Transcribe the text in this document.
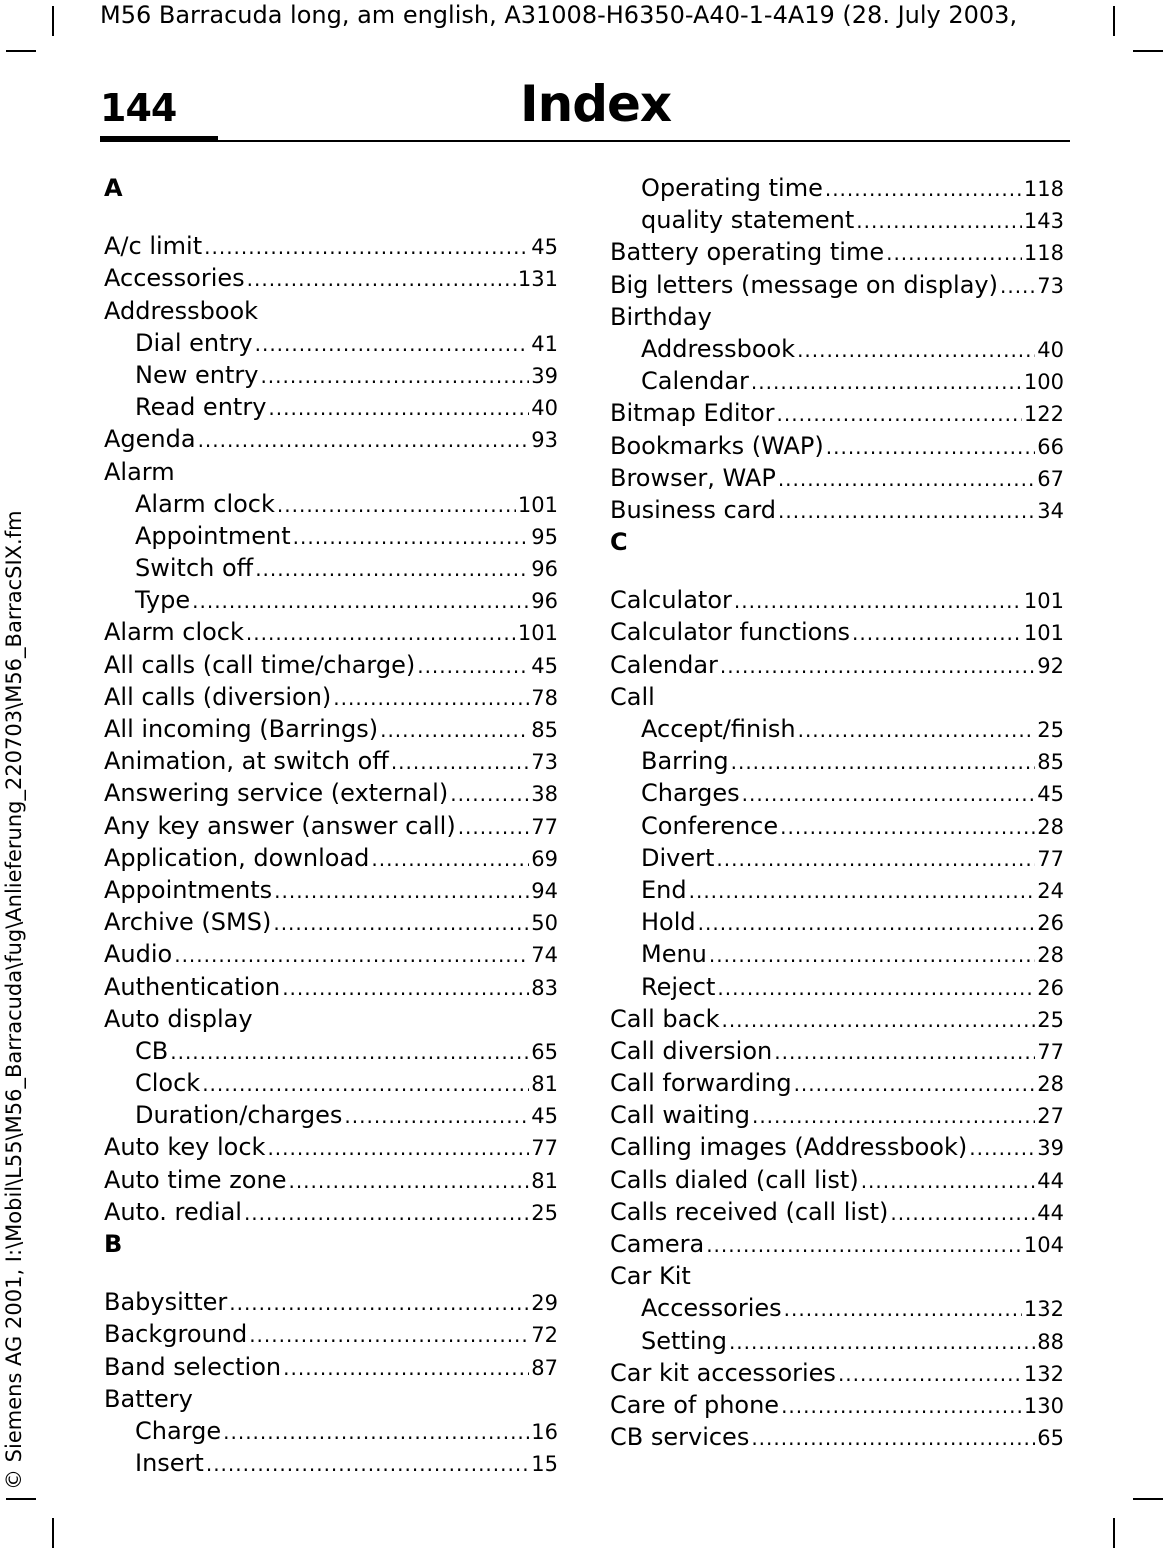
M56 Barracuda long, am english, A31008-H6350-A40-1-4A19 (28. July 2003,
© Siemens AG 2001, I:\Mobil\L55\M56_Barracuda\fug\Anlieferung_220703\M56_BarracSIX.fm
144	Index
A
A/c limit .....	45
Accessories .....	131
Addressbook
Dial entry .....	41
New entry .....	39
Read entry .....	40
Agenda .....	93
Alarm
Alarm clock .....	101
Appointment .....	95
Switch off .....	96
Type .....	96
Alarm clock .....	101
All calls (call time/charge) .....	45
All calls (diversion) .....	78
All incoming (Barrings) .....	85
Animation, at switch off .....	73
Answering service (external) .....	38
Any key answer (answer call) .....	77
Application, download .....	69
Appointments .....	94
Archive (SMS) .....	50
Audio .....	74
Authentication .....	83
Auto display
CB .....	65
Clock .....	81
Duration/charges .....	45
Auto key lock .....	77
Auto time zone .....	81
Auto. redial .....	25
B
Babysitter .....	29
Background .....	72
Band selection .....	87
Battery
Charge .....	16
Insert .....	15
Operating time .....	118
quality statement .....	143
Battery operating time .....	118
Big letters (message on display) ..... 73
Birthday
Addressbook .....	40
Calendar .....	100
Bitmap Editor .....	122
Bookmarks (WAP) .....	66
Browser, WAP .....	67
Business card .....	34
C
Calculator .....	101
Calculator functions .....	101
Calendar .....	92
Call
Accept/finish .....	25
Barring .....	85
Charges .....	45
Conference .....	28
Divert .....	77
End .....	24
Hold .....	26
Menu .....	28
Reject .....	26
Call back .....	25
Call diversion .....	77
Call forwarding .....	28
Call waiting .....	27
Calling images (Addressbook) .....	39
Calls dialed (call list) .....	44
Calls received (call list) .....	44
Camera .....	104
Car Kit
Accessories .....	132
Setting .....	88
Car kit accessories .....	132
Care of phone .....	130
CB services .....	65
